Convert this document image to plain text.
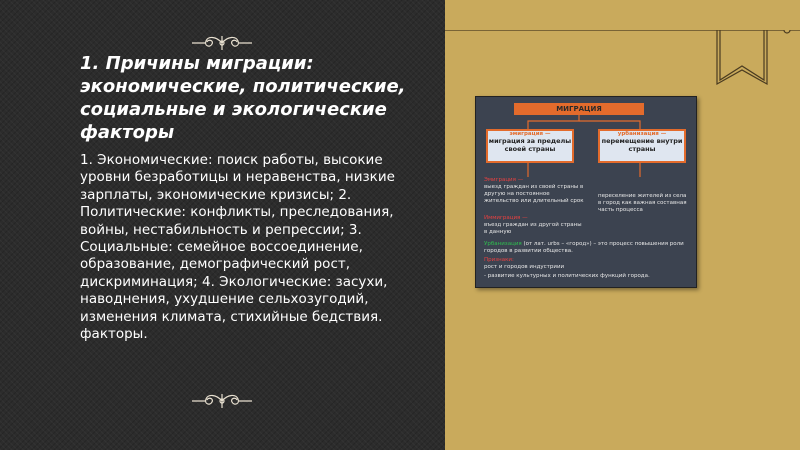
1. Причины миграции: экономические, политические, социальные и экологические факторы
1. Экономические: поиск работы, высокие уровни безработицы и неравенства, низкие зарплаты, экономические кризисы; 2. Политические: конфликты, преследования, войны, нестабильность и репрессии; 3. Социальные: семейное воссоединение, образование, демографический рост, дискриминация; 4. Экологические: засухи, наводнения, ухудшение сельхозугодий, изменения климата, стихийные бедствия. факторы.
МИГРАЦИЯ
эмиграция —
миграция за пределы своей страны
урбанизация —
перемещение внутри страны
Эмиграция —
выезд граждан из своей страны в другую на постоянное жительство или длительный срок
Иммиграция —
въезд граждан из другой страны в данную
переселение жителей из села в город как важная составная часть процесса
Урбанизация (от лат. urbs – «город») – это процесс повышения роли городов в развитии общества.
Признаки:
рост и городов индустриии
- развитие культурных и политических функций города.
